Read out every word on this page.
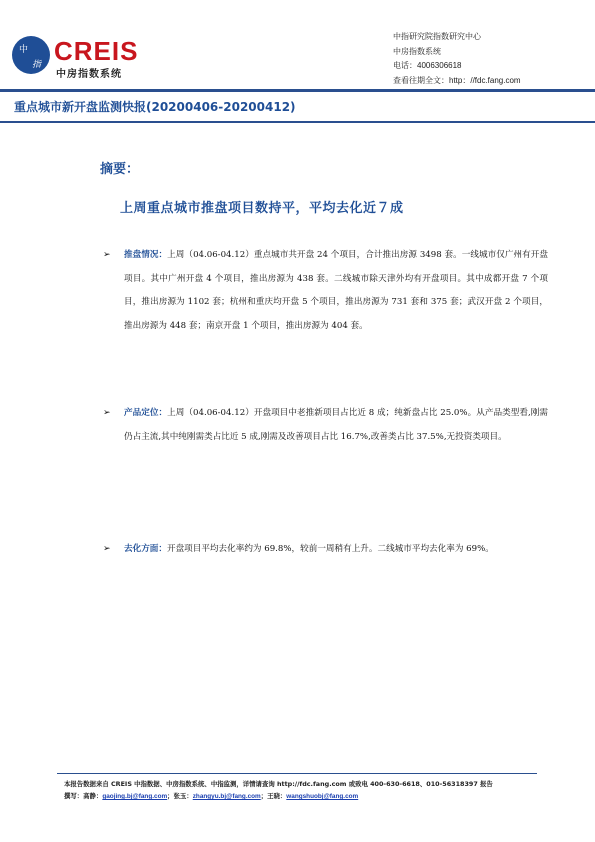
中
指 CREIS
中房指数系统
中指研究院指数研究中心
中房指数系统
电话：4006306618
查看往期全文：http：//fdc.fang.com
重点城市新开盘监测快报(20200406-20200412)
摘要：
上周重点城市推盘项目数持平，平均去化近７成
➢ 推盘情况：上周（04.06-04.12）重点城市共开盘 24 个项目，合计推出房源 3498 套。一线城市仅广州有开盘项目。其中广州开盘 4 个项目，推出房源为 438 套。二线城市除天津外均有开盘项目。其中成都开盘 7 个项目，推出房源为 1102 套；杭州和重庆均开盘 5 个项目，推出房源为 731 套和 375 套；武汉开盘 2 个项目，推出房源为 448 套；南京开盘 1 个项目，推出房源为 404 套。
➢ 产品定位：上周（04.06-04.12）开盘项目中老推新项目占比近 8 成；纯新盘占比 25.0%。从产品类型看,刚需仍占主流,其中纯刚需类占比近 5 成,刚需及改善项目占比 16.7%,改善类占比 37.5%,无投资类项目。
➢ 去化方面：开盘项目平均去化率约为 69.8%，较前一周稍有上升。二线城市平均去化率为 69%。
本报告数据来自 CREIS 中指数据、中房指数系统、中指监测，详情请查询 http://fdc.fang.com 或致电 400-630-6618、010-56318397 报告
撰写：高静：gaojing.bj@fang.com；张玉：zhangyu.bj@fang.com；王晓：wangshuobj@fang.com
